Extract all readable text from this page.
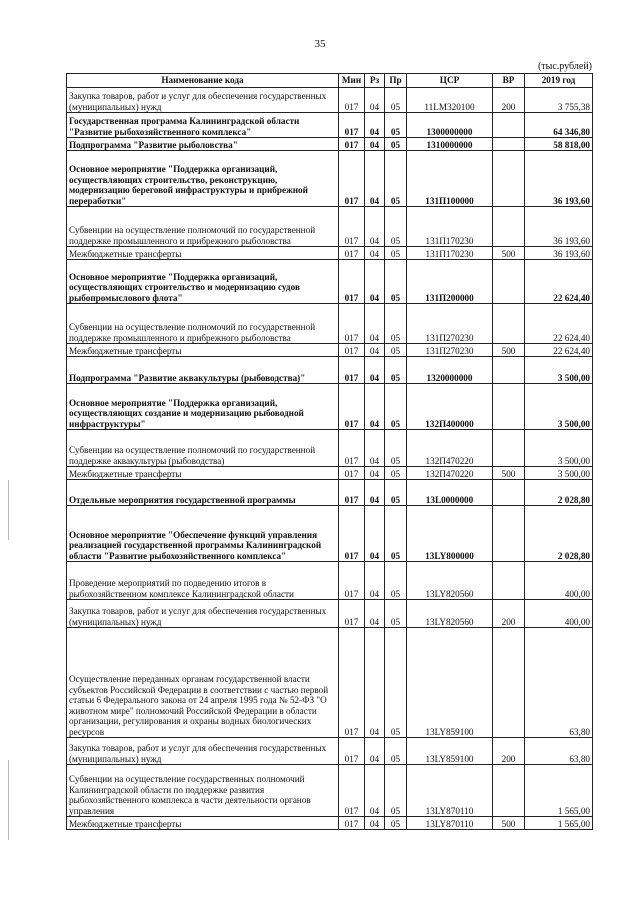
35
(тыс.рублей)
Наименование кода	Мин	Рз	Пр	ЦСР	ВР	2019 год
Закупка товаров, работ и услуг для обеспечения государственных (муниципальных) нужд	017	04	05	11LM320100	200	3 755,38
Государственная программа Калининградской области "Развитие рыбохозяйственного комплекса"	017	04	05	1300000000		64 346,80
Подпрограмма "Развитие рыболовства"	017	04	05	1310000000		58 818,00
Основное мероприятие "Поддержка организаций, осуществляющих строительство, реконструкцию, модернизацию береговой инфраструктуры и прибрежной переработки"	017	04	05	131П100000		36 193,60
Субвенции на осуществление полномочий по государственной поддержке промышленного и прибрежного рыболовства	017	04	05	131П170230		36 193,60
Межбюджетные трансферты	017	04	05	131П170230	500	36 193,60
Основное мероприятие "Поддержка организаций, осуществляющих строительство и модернизацию судов рыбопромыслового флота"	017	04	05	131П200000		22 624,40
Субвенции на осуществление полномочий по государственной поддержке промышленного и прибрежного рыболовства	017	04	05	131П270230		22 624,40
Межбюджетные трансферты	017	04	05	131П270230	500	22 624,40
Подпрограмма "Развитие аквакультуры (рыбоводства)"	017	04	05	1320000000		3 500,00
Основное мероприятие "Поддержка организаций, осуществляющих создание и модернизацию рыбоводной инфраструктуры"	017	04	05	132П400000		3 500,00
Субвенции на осуществление полномочий по государственной поддержке аквакультуры (рыбоводства)	017	04	05	132П470220		3 500,00
Межбюджетные трансферты	017	04	05	132П470220	500	3 500,00
Отдельные мероприятия государственной программы	017	04	05	13L0000000		2 028,80
Основное мероприятие "Обеспечение функций управления реализацией государственной программы Калининградской области "Развитие рыбохозяйственного комплекса"	017	04	05	13LY800000		2 028,80
Проведение мероприятий по подведению итогов в рыбохозяйственном комплексе Калининградской области	017	04	05	13LY820560		400,00
Закупка товаров, работ и услуг для обеспечения государственных (муниципальных) нужд	017	04	05	13LY820560	200	400,00
Осуществление переданных органам государственной власти субъектов Российской Федерации в соответствии с частью первой статьи 6 Федерального закона от 24 апреля 1995 года № 52-ФЗ "О животном мире" полномочий Российской Федерации в области организации, регулирования и охраны водных биологических ресурсов	017	04	05	13LY859100		63,80
Закупка товаров, работ и услуг для обеспечения государственных (муниципальных) нужд	017	04	05	13LY859100	200	63,80
Субвенции на осуществление государственных полномочий Калининградской области по поддержке развития рыбохозяйственного комплекса в части деятельности органов управления	017	04	05	13LY870110		1 565,00
Межбюджетные трансферты	017	04	05	13LY870110	500	1 565,00
